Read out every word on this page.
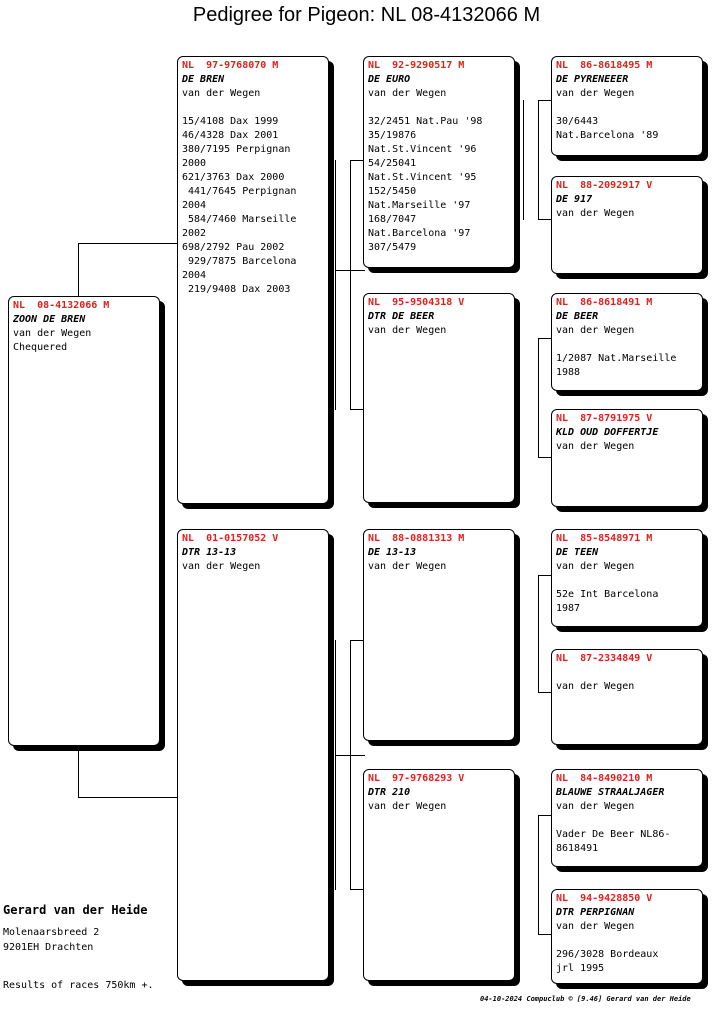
Pedigree for Pigeon: NL 08-4132066 M
NL  08-4132066 M
ZOON DE BREN
van der Wegen
Chequered
NL  97-9768070 M
DE BREN
van der Wegen
15/4108 Dax 1999
46/4328 Dax 2001
380/7195 Perpignan
2000
621/3763 Dax 2000
441/7645 Perpignan
2004
584/7460 Marseille
2002
698/2792 Pau 2002
929/7875 Barcelona
2004
219/9408 Dax 2003
NL  01-0157052 V
DTR 13-13
van der Wegen
NL  92-9290517 M
DE EURO
van der Wegen
32/2451 Nat.Pau '98
35/19876
Nat.St.Vincent '96
54/25041
Nat.St.Vincent '95
152/5450
Nat.Marseille '97
168/7047
Nat.Barcelona '97
307/5479
NL  95-9504318 V
DTR DE BEER
van der Wegen
NL  88-0881313 M
DE 13-13
van der Wegen
NL  97-9768293 V
DTR 210
van der Wegen
NL  86-8618495 M
DE PYRENEEER
van der Wegen
30/6443
Nat.Barcelona '89
NL  88-2092917 V
DE 917
van der Wegen
NL  86-8618491 M
DE BEER
van der Wegen
1/2087 Nat.Marseille
1988
NL  87-8791975 V
KLD OUD DOFFERTJE
van der Wegen
NL  85-8548971 M
DE TEEN
van der Wegen
52e Int Barcelona
1987
NL  87-2334849 V
van der Wegen
NL  84-8490210 M
BLAUWE STRAALJAGER
van der Wegen
Vader De Beer NL86-
8618491
NL  94-9428850 V
DTR PERPIGNAN
van der Wegen
296/3028 Bordeaux
jrl 1995
Gerard van der Heide
Molenaarsbreed 2
9201EH Drachten
Results of races 750km +.
04-10-2024 Compuclub © [9.46] Gerard van der Heide
